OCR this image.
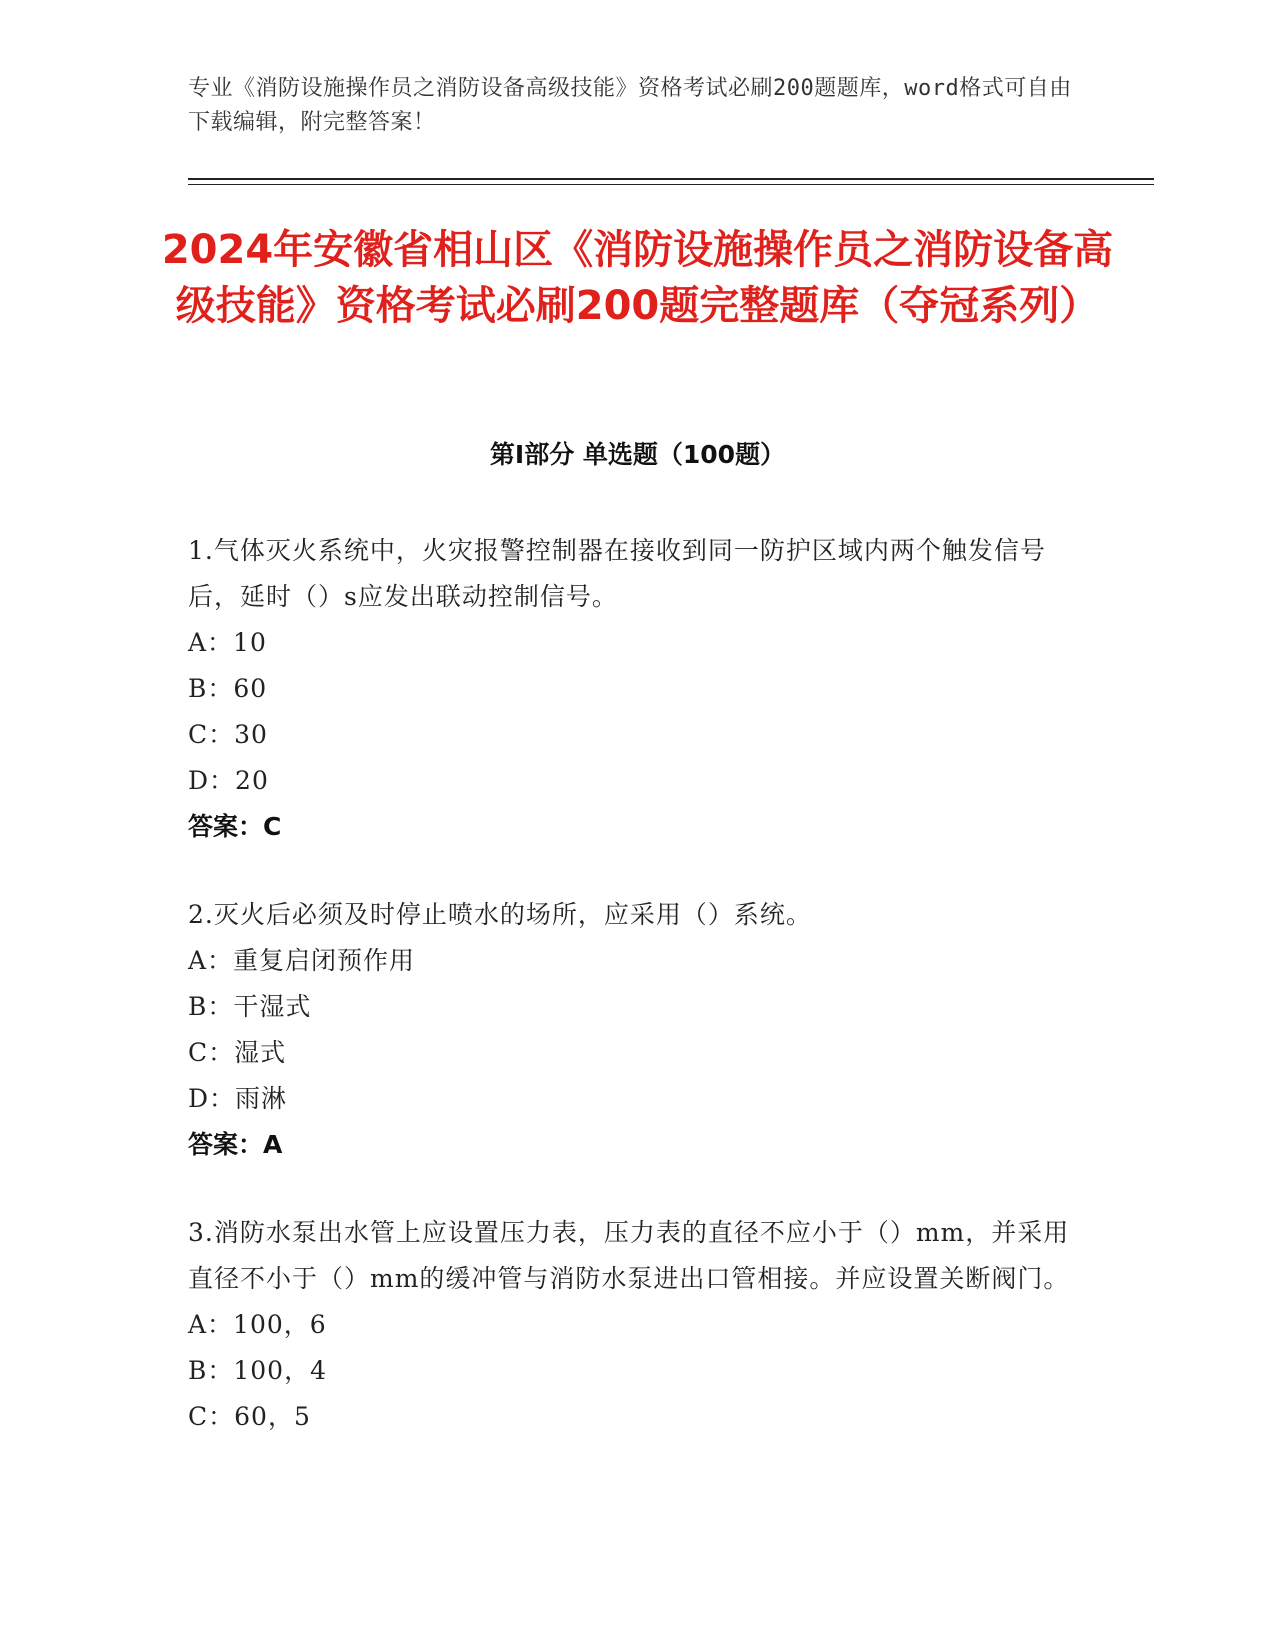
专业《消防设施操作员之消防设备高级技能》资格考试必刷200题题库，word格式可自由下载编辑，附完整答案！
2024年安徽省相山区《消防设施操作员之消防设备高级技能》资格考试必刷200题完整题库（夺冠系列）
第Ⅰ部分 单选题（100题）
1.气体灭火系统中，火灾报警控制器在接收到同一防护区域内两个触发信号后，延时（）s应发出联动控制信号。
A：10
B：60
C：30
D：20
答案：C
2.灭火后必须及时停止喷水的场所，应采用（）系统。
A：重复启闭预作用
B：干湿式
C：湿式
D：雨淋
答案：A
3.消防水泵出水管上应设置压力表，压力表的直径不应小于（）mm，并采用直径不小于（）mm的缓冲管与消防水泵进出口管相接。并应设置关断阀门。
A：100，6
B：100，4
C：60，5
